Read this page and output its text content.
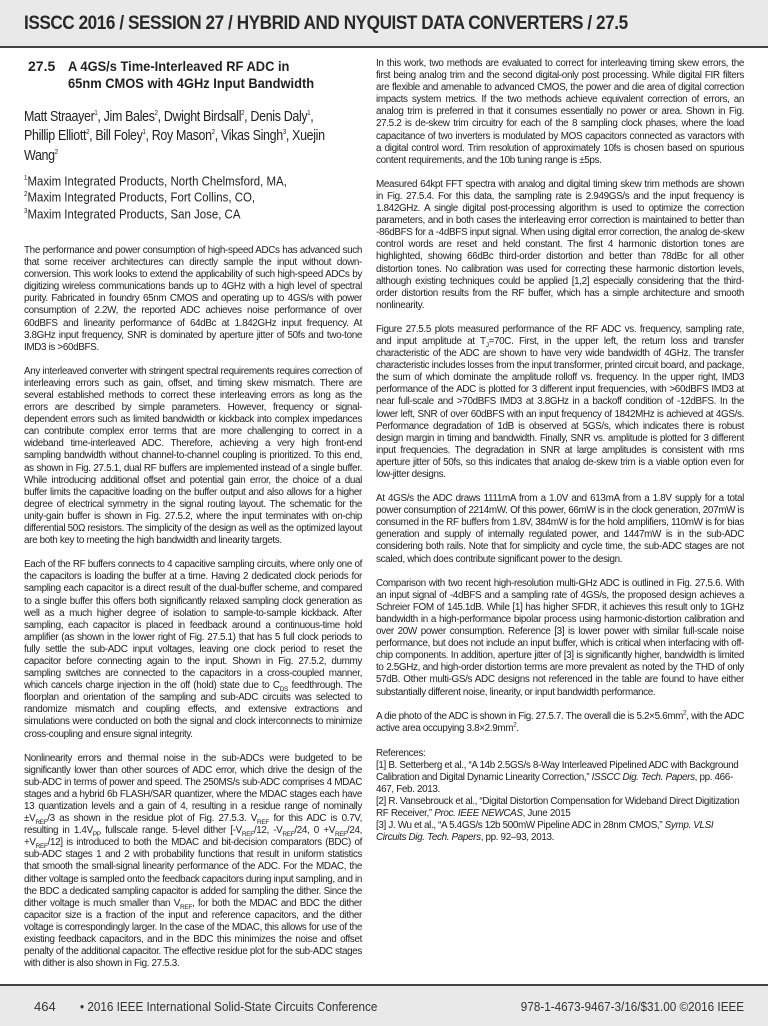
ISSCC 2016 / SESSION 27 / HYBRID AND NYQUIST DATA CONVERTERS / 27.5
27.5 A 4GS/s Time-Interleaved RF ADC in 65nm CMOS with 4GHz Input Bandwidth
Matt Straayer$^1$, Jim Bales$^2$, Dwight Birdsall$^2$, Denis Daly$^1$,
Phillip Elliott$^2$, Bill Foley$^1$, Roy Mason$^2$, Vikas Singh$^3$, Xuejin Wang$^2$
$^1$Maxim Integrated Products, North Chelmsford, MA,
$^2$Maxim Integrated Products, Fort Collins, CO,
$^3$Maxim Integrated Products, San Jose, CA

The performance and power consumption of high-speed ADCs has advanced such that some receiver architectures can directly sample the input without down-conversion. This work looks to extend the applicability of such high-speed ADCs by digitizing wireless communications bands up to 4GHz with a high level of spectral purity. Fabricated in foundry 65nm CMOS and operating up to 4GS/s with power consumption of 2.2W, the reported ADC achieves noise performance of over 60dBFS and linearity performance of 64dBc at 1.842GHz input frequency. At 3.8GHz input frequency, SNR is dominated by aperture jitter of 50fs and two-tone IMD3 is >60dBFS.

Any interleaved converter with stringent spectral requirements requires correction of interleaving errors such as gain, offset, and timing skew mismatch. There are several established methods to correct these interleaving errors as long as the errors are described by simple parameters. However, frequency or signal-dependent errors such as limited bandwidth or kickback into complex impedances can contribute complex error terms that are more challenging to correct in a wideband time-interleaved ADC. Therefore, achieving a very high front-end sampling bandwidth without channel-to-channel coupling is prioritized. To this end, as shown in Fig. 27.5.1, dual RF buffers are implemented instead of a single buffer. While introducing additional offset and potential gain error, the choice of a dual buffer limits the capacitive loading on the buffer output and also allows for a higher degree of electrical symmetry in the signal routing layout. The schematic for the unity-gain buffer is shown in Fig. 27.5.2, where the input terminates with on-chip differential 50Ω resistors. The simplicity of the design as well as the optimized layout are both key to meeting the high bandwidth and linearity targets.

Each of the RF buffers connects to 4 capacitive sampling circuits, where only one of the capacitors is loading the buffer at a time. Having 2 dedicated clock periods for sampling each capacitor is a direct result of the dual-buffer scheme, and compared to a single buffer this offers both significantly relaxed sampling clock generation as well as a much higher degree of isolation to sample-to-sample kickback. After sampling, each capacitor is placed in feedback around a continuous-time hold amplifier (as shown in the lower right of Fig. 27.5.1) that has 5 full clock periods to fully settle the sub-ADC input voltages, leaving one clock period to reset the capacitor before connecting again to the input. Shown in Fig. 27.5.2, dummy sampling switches are connected to the capacitors in a cross-coupled manner, which cancels charge injection in the off (hold) state due to $C_{DS}$ feedthrough. The floorplan and orientation of the sampling and sub-ADC circuits was selected to randomize mismatch and coupling effects, and extensive extractions and simulations were conducted on both the signal and clock interconnects to minimize cross-coupling and ensure signal integrity.

Nonlinearity errors and thermal noise in the sub-ADCs were budgeted to be significantly lower than other sources of ADC error, which drive the design of the sub-ADC in terms of power and speed. The 250MS/s sub-ADC comprises 4 MDAC stages and a hybrid 6b FLASH/SAR quantizer, where the MDAC stages each have 13 quantization levels and a gain of 4, resulting in a residue range of nominally $\pm V_{REF}/3$ as shown in the residue plot of Fig. 27.5.3. $V_{REF}$ for this ADC is 0.7V, resulting in $1.4V_{PP}$ fullscale range. 5-level dither [$-V_{REF}/12$, $-V_{REF}/24$, $0 +V_{REF}/24$, $+V_{REF}/12$] is introduced to both the MDAC and bit-decision comparators (BDC) of sub-ADC stages 1 and 2 with probability functions that result in uniform statistics that smooth the small-signal linearity performance of the ADC. For the MDAC, the dither voltage is sampled onto the feedback capacitors during input sampling, and in the BDC a dedicated sampling capacitor is added for sampling the dither. Since the dither voltage is much smaller than $V_{REF}$, for both the MDAC and BDC the dither capacitor size is a fraction of the input and reference capacitors, and the dither voltage is correspondingly larger. In the case of the MDAC, this allows for use of the existing feedback capacitors, and in the BDC this minimizes the noise and offset penalty of the additional capacitor. The effective residue plot for the sub-ADC stages with dither is also shown in Fig. 27.5.3.

In this work, two methods are evaluated to correct for interleaving timing skew errors, the first being analog trim and the second digital-only post processing. While digital FIR filters are flexible and amenable to advanced CMOS, the power and die area of digital correction impacts system metrics. If the two methods achieve equivalent correction of errors, an analog trim is preferred in that it consumes essentially no power or area. Shown in Fig. 27.5.2 is de-skew trim circuitry for each of the 8 sampling clock phases, where the load capacitance of two inverters is modulated by MOS capacitors connected as varactors with a digital control word. Trim resolution of approximately 10fs is chosen based on spurious content requirements, and the 10b tuning range is ±5ps.

Measured 64kpt FFT spectra with analog and digital timing skew trim methods are shown in Fig. 27.5.4. For this data, the sampling rate is 2.949GS/s and the input frequency is 1.842GHz. A single digital post-processing algorithm is used to optimize the correction parameters, and in both cases the interleaving error correction is maintained to better than -86dBFS for a -4dBFS input signal. When using digital error correction, the analog de-skew control words are reset and held constant. The first 4 harmonic distortion tones are highlighted, showing 66dBc third-order distortion and better than 78dBc for all other distortion tones. No calibration was used for correcting these harmonic distortion levels, although existing techniques could be applied [1,2] especially considering that the third-order distortion results from the RF buffer, which has a simple architecture and smooth nonlinearity.

Figure 27.5.5 plots measured performance of the RF ADC vs. frequency, sampling rate, and input amplitude at $T_J=70C$. First, in the upper left, the return loss and transfer characteristic of the ADC are shown to have very wide bandwidth of 4GHz. The transfer characteristic includes losses from the input transformer, printed circuit board, and package, the sum of which dominate the amplitude rolloff vs. frequency. In the upper right, IMD3 performance of the ADC is plotted for 3 different input frequencies, with >60dBFS IMD3 at near full-scale and >70dBFS IMD3 at 3.8GHz in a backoff condition of -12dBFS. In the lower left, SNR of over 60dBFS with an input frequency of 1842MHz is achieved at 4GS/s. Performance degradation of 1dB is observed at 5GS/s, which indicates there is robust design margin in timing and bandwidth. Finally, SNR vs. amplitude is plotted for 3 different input frequencies. The degradation in SNR at large amplitudes is consistent with rms aperture jitter of 50fs, so this indicates that analog de-skew trim is a viable option even for low-jitter designs.

At 4GS/s the ADC draws 1111mA from a 1.0V and 613mA from a 1.8V supply for a total power consumption of 2214mW. Of this power, 66mW is in the clock generation, 207mW is consumed in the RF buffers from 1.8V, 384mW is for the hold amplifiers, 110mW is for bias generation and supply of internally regulated power, and 1447mW is in the sub-ADC considering both rails. Note that for simplicity and cycle time, the sub-ADC stages are not scaled, which does contribute significant power to the design.

Comparison with two recent high-resolution multi-GHz ADC is outlined in Fig. 27.5.6. With an input signal of -4dBFS and a sampling rate of 4GS/s, the proposed design achieves a Schreier FOM of 145.1dB. While [1] has higher SFDR, it achieves this result only to 1GHz bandwidth in a high-performance bipolar process using harmonic-distortion calibration and over 20W power consumption. Reference [3] is lower power with similar full-scale noise performance, but does not include an input buffer, which is critical when interfacing with off-chip components. In addition, aperture jitter of [3] is significantly higher, bandwidth is limited to 2.5GHz, and high-order distortion terms are more prevalent as noted by the THD of only 57dB. Other multi-GS/s ADC designs not referenced in the table are found to have either substantially different noise, linearity, or input bandwidth performance.

A die photo of the ADC is shown in Fig. 27.5.7. The overall die is $5.2\times 5.6mm^2$, with the ADC active area occupying $3.8\times 2.9mm^2$.

References:

[1] B. Setterberg et al., “A 14b 2.5GS/s 8-Way Interleaved Pipelined ADC with Background Calibration and Digital Dynamic Linearity Correction,” ISSCC Dig. Tech. Papers, pp. 466-467, Feb. 2013.

[2] R. Vansebrouck et al., “Digital Distortion Compensation for Wideband Direct Digitization RF Receiver,” Proc. IEEE NEWCAS, June 2015

[3] J. Wu et al., “A 5.4GS/s 12b 500mW Pipeline ADC in 28nm CMOS,” Symp. VLSI Circuits Dig. Tech. Papers, pp. 92–93, 2013.

464 • 2016 IEEE International Solid-State Circuits Conference	978-1-4673-9467-3/16/$31.00 ©2016 IEEE
